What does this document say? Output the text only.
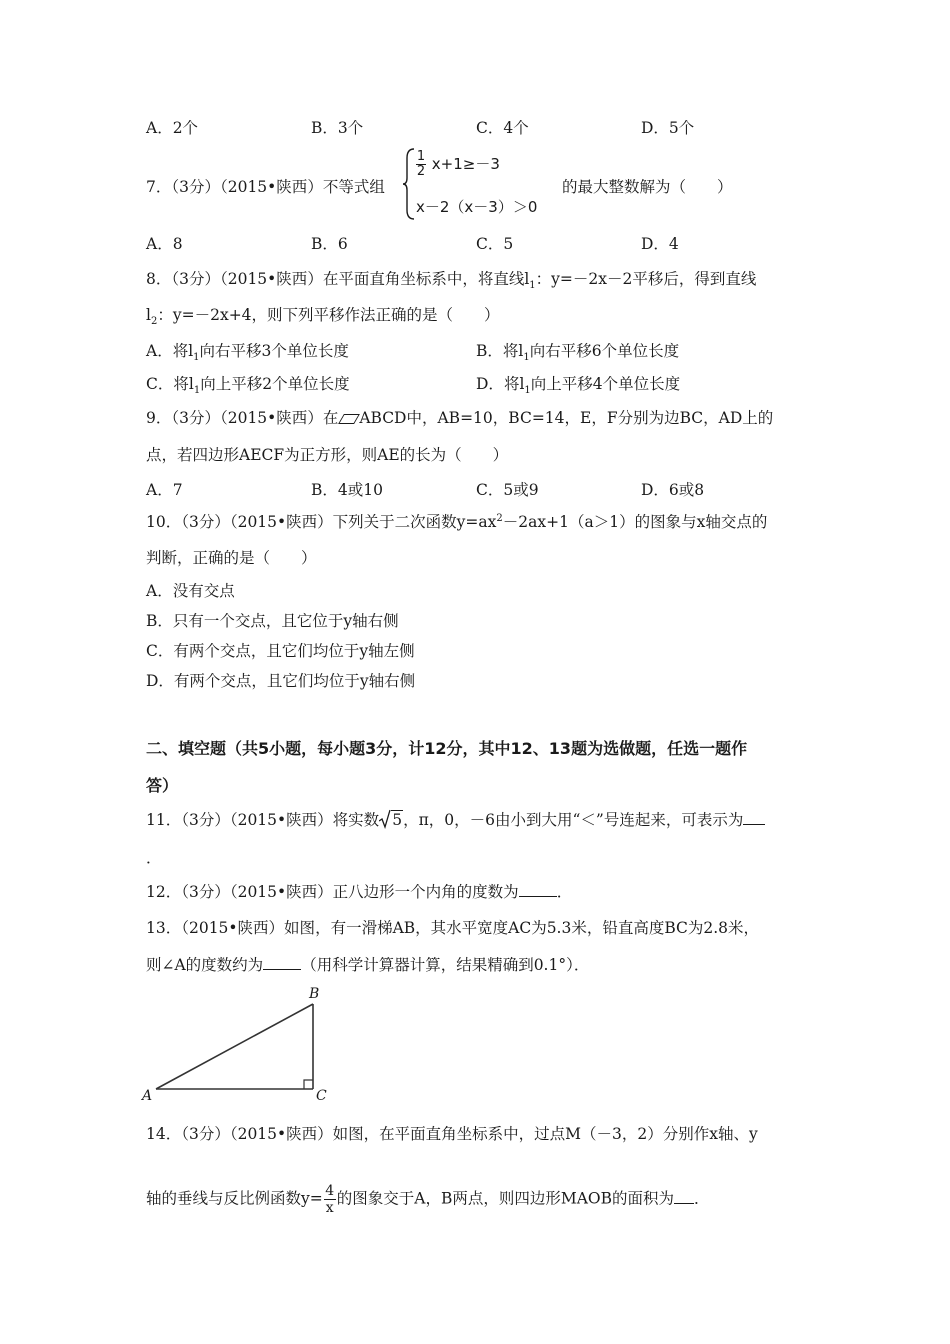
A．2个	B．3个	C．4个	D．5个
7．（3分）（2015•陕西）不等式组
$\frac{1}{2} x+1\ge-3$
x－2（x－3）＞0
的最大整数解为（　　）
A．8	B．6	C．5	D．4
8．（3分）（2015•陕西）在平面直角坐标系中，将直线$l_1$：y=－2x－2平移后，得到直线
$l_2$：y=－2x+4，则下列平移作法正确的是（　　）
A．将$l_1$向右平移3个单位长度	B．将$l_1$向右平移6个单位长度
C．将$l_1$向上平移2个单位长度	D．将$l_1$向上平移4个单位长度
9．（3分）（2015•陕西）在 ABCD中，AB=10，BC=14，E，F分别为边BC，AD上的
点，若四边形AECF为正方形，则AE的长为（　　）
A．7	B．4或10	C．5或9	D．6或8
10．（3分）（2015•陕西）下列关于二次函数$y=ax^2-2ax+1(a>1)$的图象与x轴交点的
判断，正确的是（　　）
A．没有交点
B．只有一个交点，且它位于y轴右侧
C．有两个交点，且它们均位于y轴左侧
D．有两个交点，且它们均位于y轴右侧
二、填空题（共5小题，每小题3分，计12分，其中12、13题为选做题，任选一题作
答）
11．（3分）（2015•陕西）将实数 5，π，0，－6由小到大用“＜”号连起来，可表示为
．
12．（3分）（2015•陕西）正八边形一个内角的度数为 ．
13．（2015•陕西）如图，有一滑梯AB，其水平宽度AC为5.3米，铅直高度BC为2.8米，
则∠A的度数约为 （用科学计算器计算，结果精确到0.1°）．
A
B
C
14．（3分）（2015•陕西）如图，在平面直角坐标系中，过点M（－3，2）分别作x轴、y
轴的垂线与反比例函数$y= \frac{4}{x}$ 的图象交于A，B两点，则四边形MAOB的面积为 ．
